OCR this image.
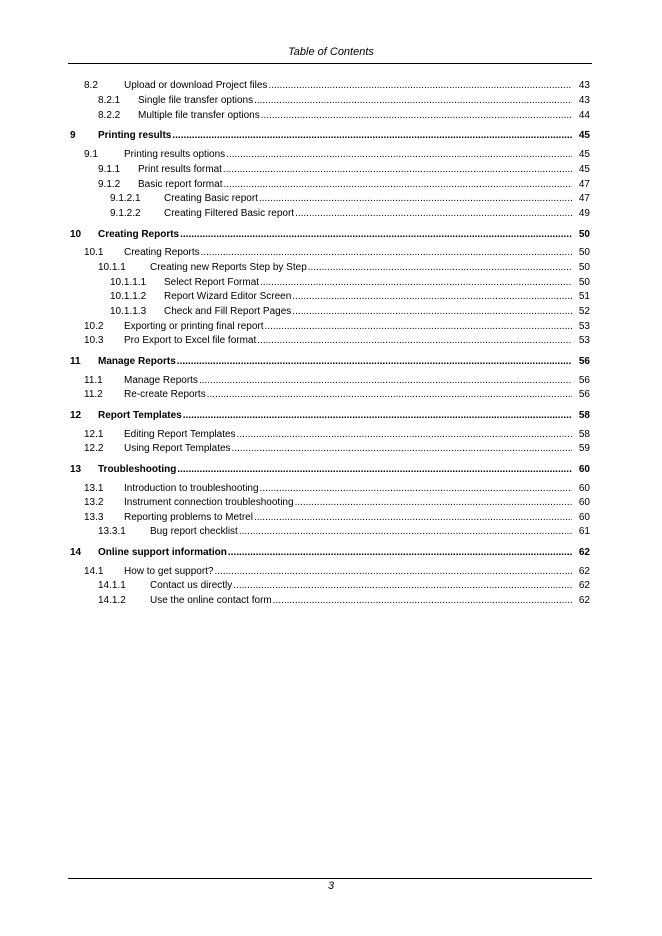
Table of Contents
8.2	Upload or download Project files .....	43
8.2.1 Single file transfer options .....	43
8.2.2 Multiple file transfer options .....	44
9 Printing results .....	45
9.1	Printing results options .....	45
9.1.1 Print results format .....	45
9.1.2 Basic report format .....	47
9.1.2.1 Creating Basic report .....	47
9.1.2.2 Creating Filtered Basic report .....	49
10 Creating Reports .....	50
10.1 Creating Reports .....	50
10.1.1 Creating new Reports Step by Step .....	50
10.1.1.1 Select Report Format .....	50
10.1.1.2 Report Wizard Editor Screen .....	51
10.1.1.3 Check and Fill Report Pages .....	52
10.2 Exporting or printing final report .....	53
10.3 Pro Export to Excel file format .....	53
11 Manage Reports .....	56
11.1 Manage Reports .....	56
11.2 Re-create Reports .....	56
12 Report Templates .....	58
12.1 Editing Report Templates .....	58
12.2 Using Report Templates .....	59
13 Troubleshooting .....	60
13.1 Introduction to troubleshooting .....	60
13.2 Instrument connection troubleshooting .....	60
13.3 Reporting problems to Metrel .....	60
13.3.1 Bug report checklist .....	61
14 Online support information .....	62
14.1 How to get support? .....	62
14.1.1 Contact us directly .....	62
14.1.2 Use the online contact form .....	62
3
